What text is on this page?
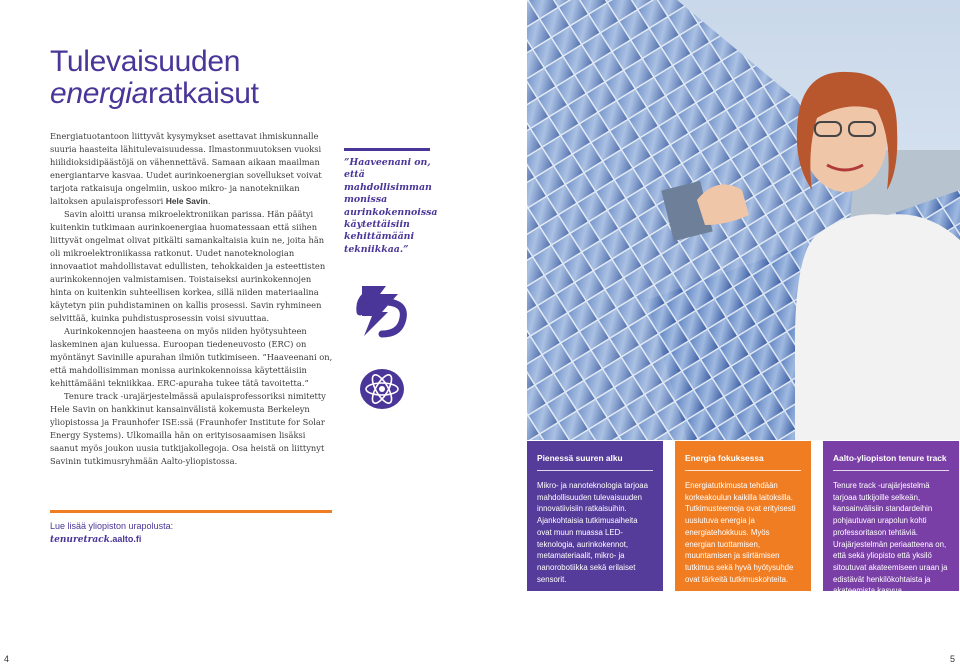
Tulevaisuuden
energiaratkaisut

Energiatuotantoon liittyvät kysymykset asettavat ihmiskunnalle suuria haasteita lähitulevaisuudessa. Ilmastonmuutoksen vuoksi hiilidioksidipäästöjä on vähennettävä. Samaan aikaan maailman energiantarve kasvaa. Uudet aurinkoenergian sovellukset voivat tarjota ratkaisuja ongelmiin, uskoo mikro- ja nanotekniikan laitoksen apulaisprofessori Hele Savin.

Savin aloitti uransa mikroelektroniikan parissa. Hän päätyi kuitenkin tutkimaan aurinkoenergiaa huomatessaan että siihen liittyvät ongelmat olivat pitkälti samankaltaisia kuin ne, joita hän oli mikroelektroniikassa ratkonut. Uudet nanoteknologian innovaatiot mahdollistavat edullisten, tehokkaiden ja esteettisten aurinkokennojen valmistamisen. Toistaiseksi aurinkokennojen hinta on kuitenkin suhteellisen korkea, sillä niiden materiaalina käytetyn piin puhdistaminen on kallis prosessi. Savin ryhmineen selvittää, kuinka puhdistusprosessin voisi sivuuttaa.

Aurinkokennojen haasteena on myös niiden hyötysuhteen laskeminen ajan kuluessa. Euroopan tiedeneuvosto (ERC) on myöntänyt Savinille apurahan ilmiön tutkimiseen. ”Haaveenani on, että mahdollisimman monissa aurinkokennoissa käytettäisiin kehittämääni tekniikkaa. ERC-apuraha tukee tätä tavoitetta.”

Tenure track -urajärjestelmässä apulaisprofessoriksi nimitetty Hele Savin on hankkinut kansainvälistä kokemusta Berkeleyn yliopistossa ja Fraunhofer ISE:ssä (Fraunhofer Institute for Solar Energy Systems). Ulkomailla hän on erityisosaamisen lisäksi saanut myös joukon uusia tutkijakollegoja. Osa heistä on liittynyt Savinin tutkimusryhmään Aalto-yliopistossa.

”Haaveenani on, että mahdollisimman monissa aurinkokennoissa käytettäisiin kehittämääni tekniikkaa.”
Lue lisää yliopiston urapolusta:
tenuretrack.aalto.fi
Pienessä suuren alku
Mikro- ja nanoteknologia tarjoaa mahdollisuuden tulevaisuuden innovatiivisiin ratkaisuihin. Ajankohtaisia tutkimusaiheita ovat muun muassa LED-teknologia, aurinkokennot, metamateriaalit, mikro- ja nanorobotiikka sekä erilaiset sensorit.
Energia fokuksessa
Energiatutkimusta tehdään korkeakoulun kaikilla laitoksilla. Tutkimusteemoja ovat erityisesti uusiutuva energia ja energiatehokkuus. Myös energian tuottamisen, muuntamisen ja siirtämisen tutkimus sekä hyvä hyötysuhde ovat tärkeitä tutkimuskohteita.
Aalto-yliopiston tenure track
Tenure track -urajärjestelmä tarjoaa tutkijoille selkeän, kansainvälisiin standardeihin pohjautuvan urapolun kohti professoritason tehtäviä. Urajärjestelmän periaatteena on, että sekä yliopisto että yksilö sitoutuvat akateemiseen uraan ja edistävät henkilökohtaista ja akateemista kasvua.
4	5
